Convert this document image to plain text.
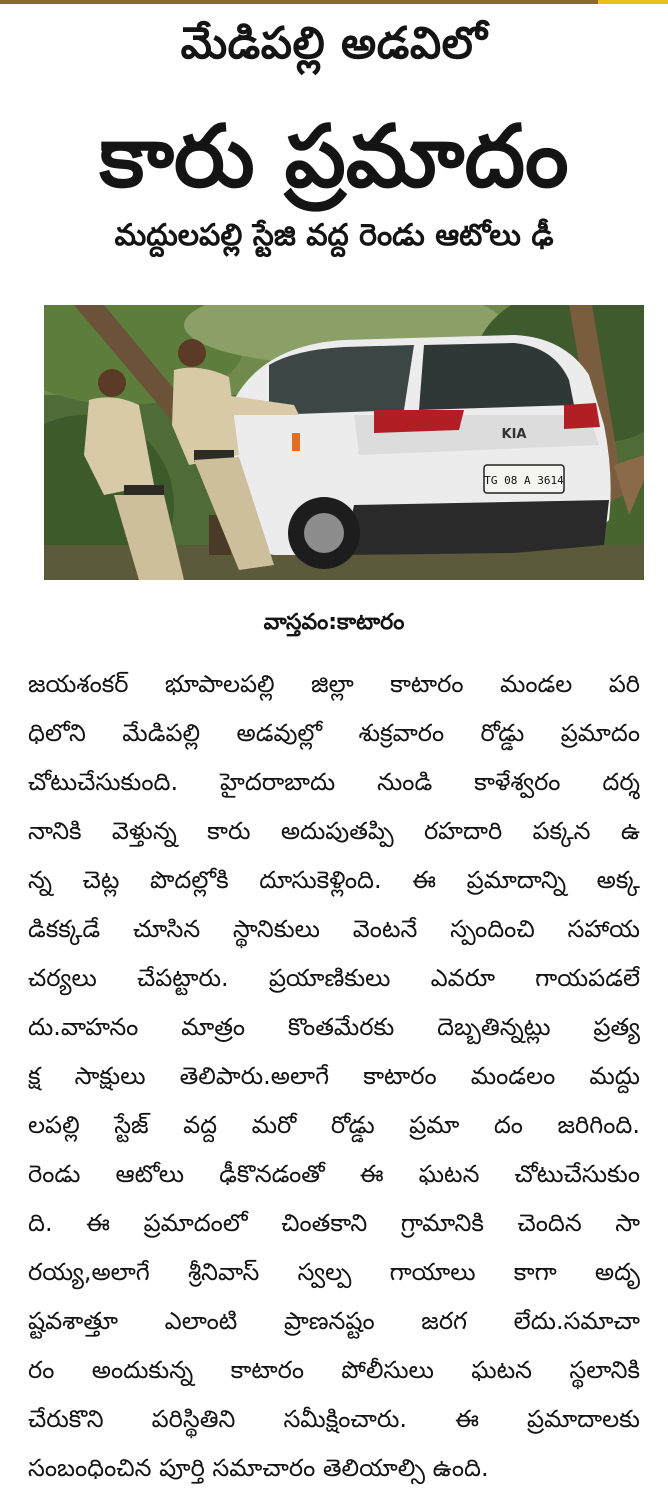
మేడిపల్లి అడవిలో
కారు ప్రమాదం
మద్దులపల్లి స్టేజి వద్ద రెండు ఆటోలు ఢీ
TG 08 A 3614
KIA
వాస్తవం:కాటారం

జయశంకర్ భూపాలపల్లి జిల్లా కాటారం మండల పరి

ధిలోని మేడిపల్లి అడవుల్లో శుక్రవారం రోడ్డు ప్రమాదం

చోటుచేసుకుంది. హైదరాబాదు నుండి కాళేశ్వరం దర్శ

నానికి వెళ్తున్న కారు అదుపుతప్పి రహదారి పక్కన ఉ

న్న చెట్ల పొదల్లోకి దూసుకెళ్లింది. ఈ ప్రమాదాన్ని అక్క

డికక్కడే చూసిన స్థానికులు వెంటనే స్పందించి సహాయ

చర్యలు చేపట్టారు. ప్రయాణికులు ఎవరూ గాయపడలే

దు.వాహనం మాత్రం కొంతమేరకు దెబ్బతిన్నట్లు ప్రత్య

క్ష సాక్షులు తెలిపారు.అలాగే కాటారం మండలం మద్దు

లపల్లి స్టేజ్ వద్ద మరో రోడ్డు ప్రమా దం జరిగింది.

రెండు ఆటోలు ఢీకొనడంతో ఈ ఘటన చోటుచేసుకుం

ది. ఈ ప్రమాదంలో చింతకాని గ్రామానికి చెందిన సా

రయ్య,అలాగే శ్రీనివాస్ స్వల్ప గాయాలు కాగా అదృ

ష్టవశాత్తూ ఎలాంటి ప్రాణనష్టం జరగ లేదు.సమాచా

రం అందుకున్న కాటారం పోలీసులు ఘటన స్థలానికి

చేరుకొని పరిస్థితిని సమీక్షించారు. ఈ ప్రమాదాలకు

సంబంధించిన పూర్తి సమాచారం తెలియాల్సి ఉంది.
